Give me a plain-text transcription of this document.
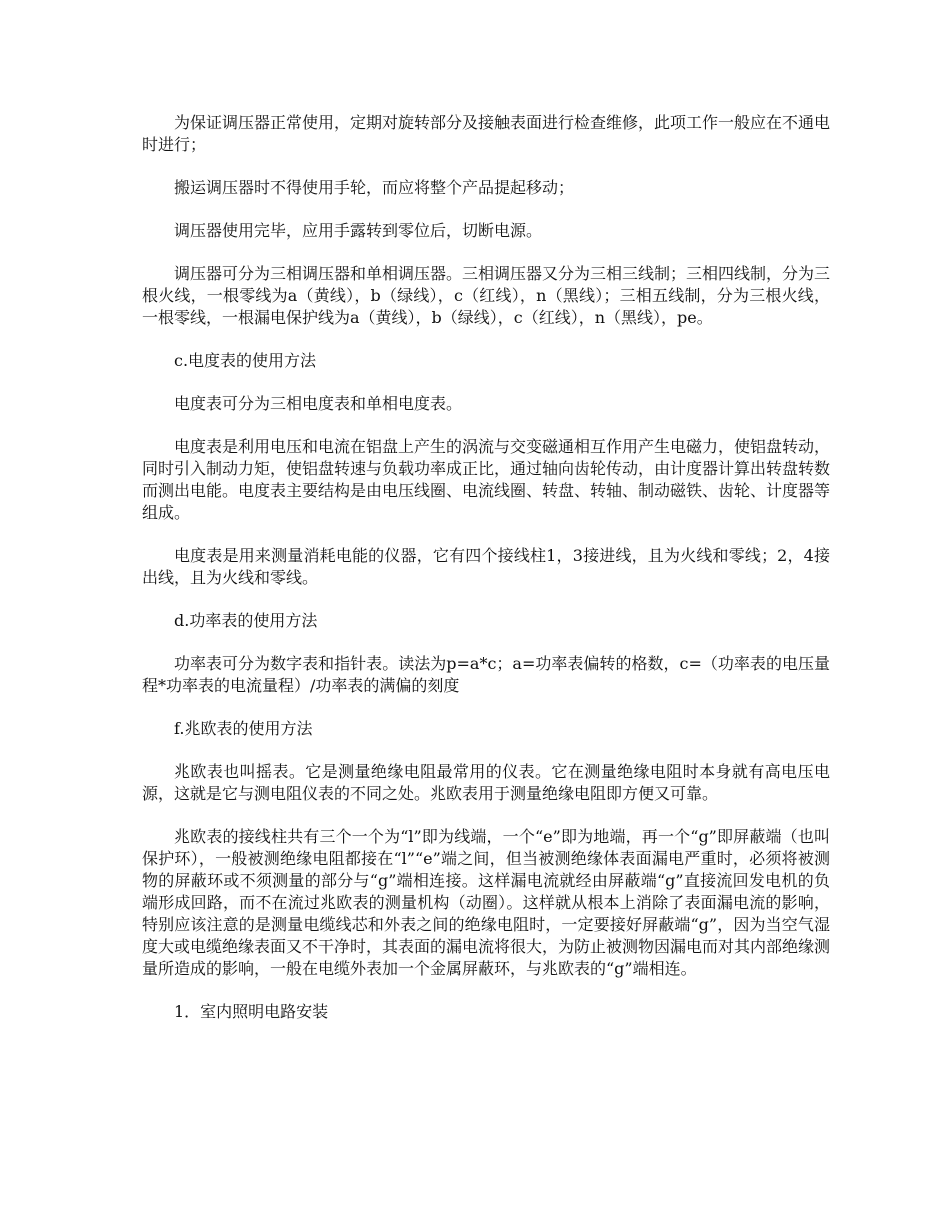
为保证调压器正常使用，定期对旋转部分及接触表面进行检查维修，此项工作一般应在不通电时进行；

搬运调压器时不得使用手轮，而应将整个产品提起移动；

调压器使用完毕，应用手露转到零位后，切断电源。

调压器可分为三相调压器和单相调压器。三相调压器又分为三相三线制；三相四线制，分为三根火线，一根零线为a（黄线），b（绿线），c（红线），n（黑线）；三相五线制，分为三根火线，一根零线，一根漏电保护线为a（黄线），b（绿线），c（红线），n（黑线），pe。

c.电度表的使用方法

电度表可分为三相电度表和单相电度表。

电度表是利用电压和电流在铝盘上产生的涡流与交变磁通相互作用产生电磁力，使铝盘转动，同时引入制动力矩，使铝盘转速与负载功率成正比，通过轴向齿轮传动，由计度器计算出转盘转数而测出电能。电度表主要结构是由电压线圈、电流线圈、转盘、转轴、制动磁铁、齿轮、计度器等组成。

电度表是用来测量消耗电能的仪器，它有四个接线柱1，3接进线，且为火线和零线；2，4接出线，且为火线和零线。

d.功率表的使用方法

功率表可分为数字表和指针表。读法为p=a*c；a=功率表偏转的格数，c=（功率表的电压量程*功率表的电流量程）/功率表的满偏的刻度

f.兆欧表的使用方法

兆欧表也叫摇表。它是测量绝缘电阻最常用的仪表。它在测量绝缘电阻时本身就有高电压电源，这就是它与测电阻仪表的不同之处。兆欧表用于测量绝缘电阻即方便又可靠。

兆欧表的接线柱共有三个一个为“l”即为线端，一个“e”即为地端，再一个“g”即屏蔽端（也叫保护环），一般被测绝缘电阻都接在“l”“e”端之间，但当被测绝缘体表面漏电严重时，必须将被测物的屏蔽环或不须测量的部分与“g”端相连接。这样漏电流就经由屏蔽端“g”直接流回发电机的负端形成回路，而不在流过兆欧表的测量机构（动圈）。这样就从根本上消除了表面漏电流的影响，特别应该注意的是测量电缆线芯和外表之间的绝缘电阻时，一定要接好屏蔽端“g”，因为当空气湿度大或电缆绝缘表面又不干净时，其表面的漏电流将很大，为防止被测物因漏电而对其内部绝缘测量所造成的影响，一般在电缆外表加一个金属屏蔽环，与兆欧表的“g”端相连。

1．室内照明电路安装
